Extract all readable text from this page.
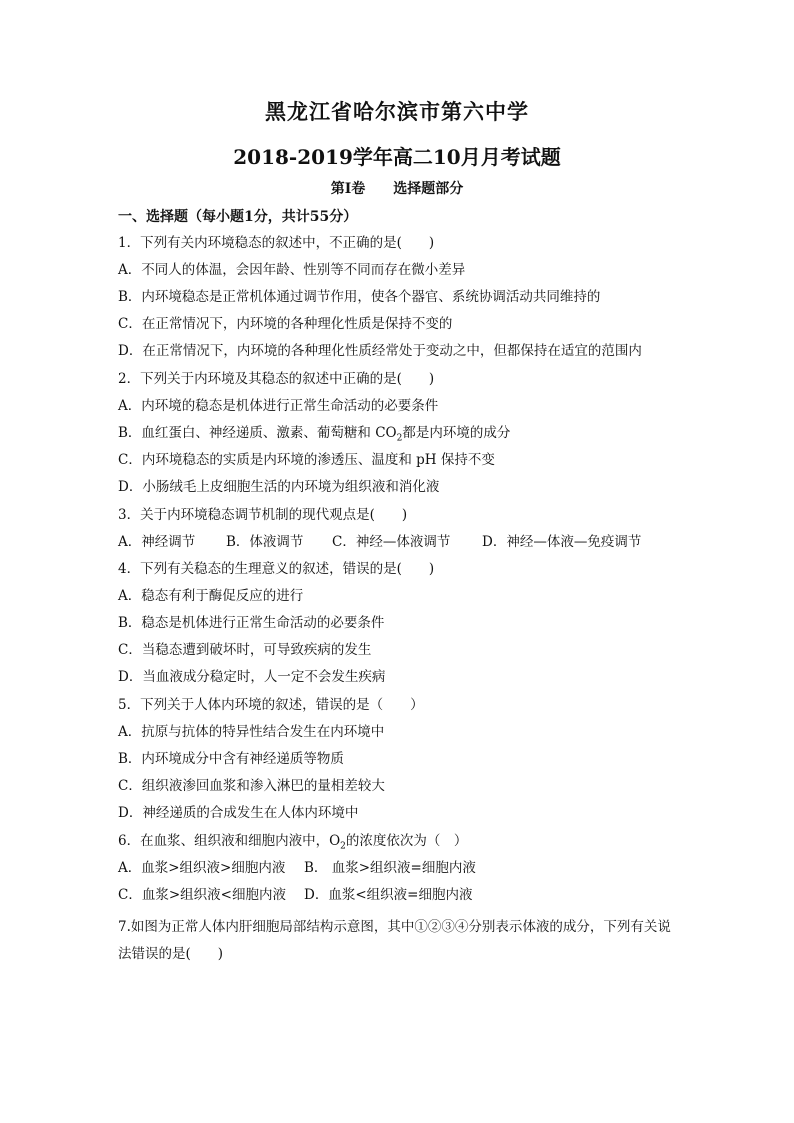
黑龙江省哈尔滨市第六中学
2018-2019学年高二10月月考试题
第Ⅰ卷 选择题部分
一、选择题（每小题1分，共计55分）
1．下列有关内环境稳态的叙述中，不正确的是(　　)
A．不同人的体温，会因年龄、性别等不同而存在微小差异
B．内环境稳态是正常机体通过调节作用，使各个器官、系统协调活动共同维持的
C．在正常情况下，内环境的各种理化性质是保持不变的
D．在正常情况下，内环境的各种理化性质经常处于变动之中，但都保持在适宜的范围内
2．下列关于内环境及其稳态的叙述中正确的是(　　)
A．内环境的稳态是机体进行正常生命活动的必要条件
B．血红蛋白、神经递质、激素、葡萄糖和 $CO_2$都是内环境的成分
C．内环境稳态的实质是内环境的渗透压、温度和 pH 保持不变
D．小肠绒毛上皮细胞生活的内环境为组织液和消化液
3．关于内环境稳态调节机制的现代观点是(　　)
A．神经调节 B．体液调节 C．神经—体液调节 D．神经—体液—免疫调节
4．下列有关稳态的生理意义的叙述，错误的是(　　)
A．稳态有利于酶促反应的进行
B．稳态是机体进行正常生命活动的必要条件
C．当稳态遭到破坏时，可导致疾病的发生
D．当血液成分稳定时，人一定不会发生疾病
5．下列关于人体内环境的叙述，错误的是（　　）
A．抗原与抗体的特异性结合发生在内环境中
B．内环境成分中含有神经递质等物质
C．组织液渗回血浆和渗入淋巴的量相差较大
D．神经递质的合成发生在人体内环境中
6．在血浆、组织液和细胞内液中，$O_2$的浓度依次为（　）
A．血浆>组织液>细胞内液 B． 血浆>组织液=细胞内液
C．血浆>组织液<细胞内液 D．血浆<组织液=细胞内液
7.如图为正常人体内肝细胞局部结构示意图，其中①②③④分别表示体液的成分，下列有关说法错误的是(　　)
